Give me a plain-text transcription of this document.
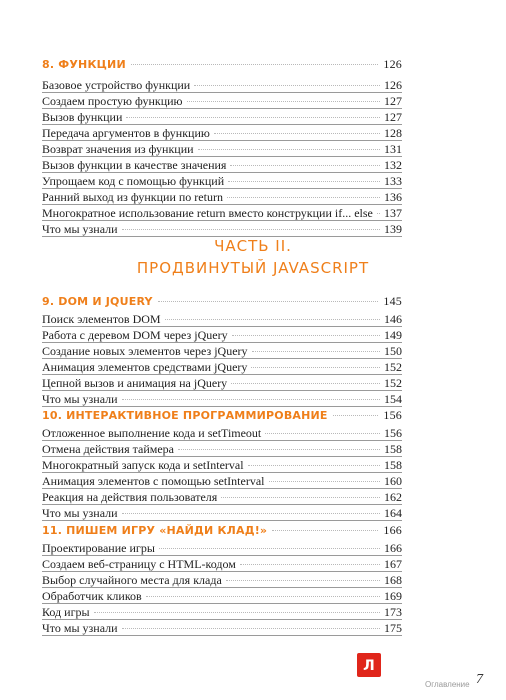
8. ФУНКЦИИ	126
Базовое устройство функции	126
Создаем простую функцию	127
Вызов функции	127
Передача аргументов в функцию	128
Возврат значения из функции	131
Вызов функции в качестве значения	132
Упрощаем код с помощью функций	133
Ранний выход из функции по return	136
Многократное использование return вместо конструкции if... else 137
Что мы узнали	139
ЧАСТЬ II.
ПРОДВИНУТЫЙ JAVASCRIPT
9. DOM И JQUERY	145
Поиск элементов DOM	146
Работа с деревом DOM через jQuery	149
Создание новых элементов через jQuery	150
Анимация элементов средствами jQuery	152
Цепной вызов и анимация на jQuery	152
Что мы узнали	154
10. ИНТЕРАКТИВНОЕ ПРОГРАММИРОВАНИЕ	156
Отложенное выполнение кода и setTimeout	156
Отмена действия таймера	158
Многократный запуск кода и setInterval	158
Анимация элементов с помощью setInterval	160
Реакция на действия пользователя	162
Что мы узнали	164
11. ПИШЕМ ИГРУ «НАЙДИ КЛАД!»	166
Проектирование игры	166
Создаем веб-страницу с HTML-кодом	167
Выбор случайного места для клада	168
Обработчик кликов	169
Код игры	173
Что мы узнали	175
Л
Оглавление 7
